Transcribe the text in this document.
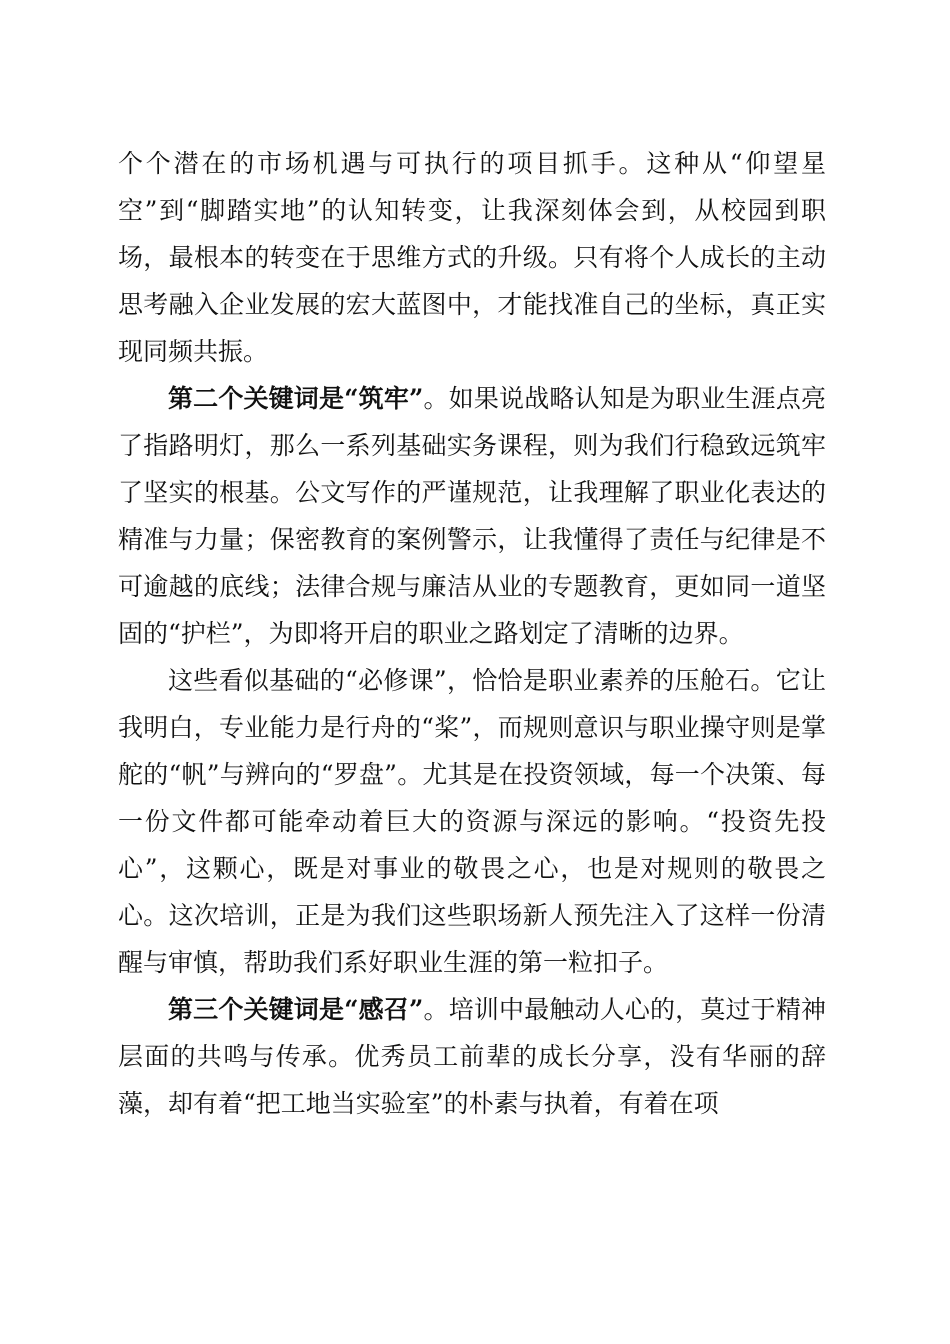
个个潜在的市场机遇与可执行的项目抓手。这种从“仰望星空”到“脚踏实地”的认知转变，让我深刻体会到，从校园到职场，最根本的转变在于思维方式的升级。只有将个人成长的主动思考融入企业发展的宏大蓝图中，才能找准自己的坐标，真正实现同频共振。

第二个关键词是“筑牢”。如果说战略认知是为职业生涯点亮了指路明灯，那么一系列基础实务课程，则为我们行稳致远筑牢了坚实的根基。公文写作的严谨规范，让我理解了职业化表达的精准与力量；保密教育的案例警示，让我懂得了责任与纪律是不可逾越的底线；法律合规与廉洁从业的专题教育，更如同一道坚固的“护栏”，为即将开启的职业之路划定了清晰的边界。

这些看似基础的“必修课”，恰恰是职业素养的压舱石。它让我明白，专业能力是行舟的“桨”，而规则意识与职业操守则是掌舵的“帆”与辨向的“罗盘”。尤其是在投资领域，每一个决策、每一份文件都可能牵动着巨大的资源与深远的影响。“投资先投心”，这颗心，既是对事业的敬畏之心，也是对规则的敬畏之心。这次培训，正是为我们这些职场新人预先注入了这样一份清醒与审慎，帮助我们系好职业生涯的第一粒扣子。

第三个关键词是“感召”。培训中最触动人心的，莫过于精神层面的共鸣与传承。优秀员工前辈的成长分享，没有华丽的辞藻，却有着“把工地当实验室”的朴素与执着，有着在项
